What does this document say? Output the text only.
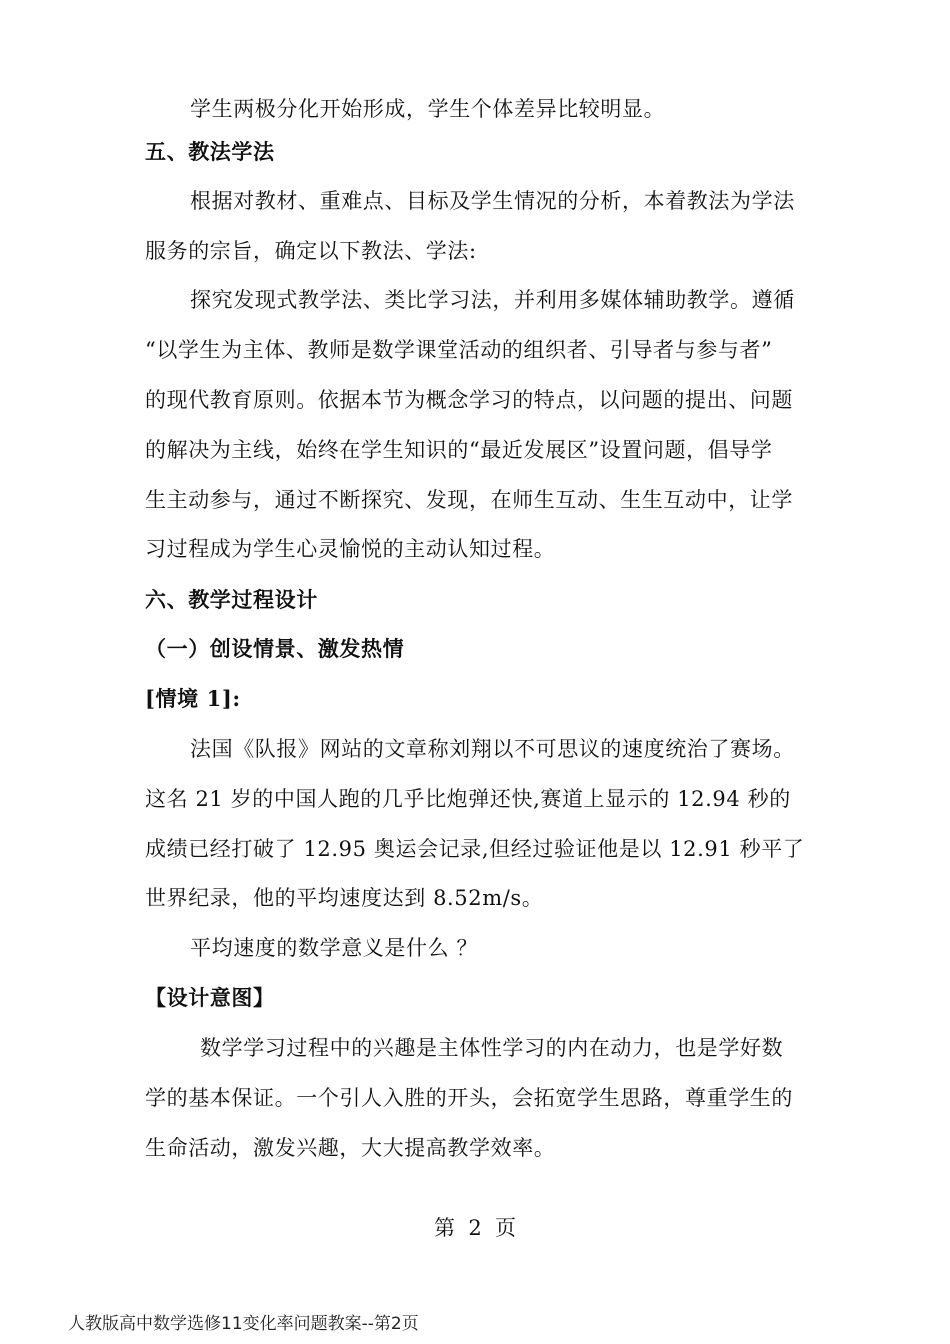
学生两极分化开始形成，学生个体差异比较明显。
五、教法学法
根据对教材、重难点、目标及学生情况的分析，本着教法为学法
服务的宗旨，确定以下教法、学法:
探究发现式教学法、类比学习法，并利用多媒体辅助教学。遵循
“以学生为主体、教师是数学课堂活动的组织者、引导者与参与者”
的现代教育原则。依据本节为概念学习的特点，以问题的提出、问题
的解决为主线，始终在学生知识的“最近发展区”设置问题，倡导学
生主动参与，通过不断探究、发现，在师生互动、生生互动中，让学
习过程成为学生心灵愉悦的主动认知过程。
六、教学过程设计
（一）创设情景、激发热情
[情境 1]:
法国《队报》网站的文章称刘翔以不可思议的速度统治了赛场。
这名 21 岁的中国人跑的几乎比炮弹还快,赛道上显示的 12.94 秒的
成绩已经打破了 12.95 奥运会记录,但经过验证他是以 12.91 秒平了
世界纪录，他的平均速度达到 8.52m/s。
平均速度的数学意义是什么 ？
【设计意图】
数学学习过程中的兴趣是主体性学习的内在动力，也是学好数
学的基本保证。一个引人入胜的开头，会拓宽学生思路，尊重学生的
生命活动，激发兴趣，大大提高教学效率。
第  2  页
人教版高中数学选修11变化率问题教案--第2页
